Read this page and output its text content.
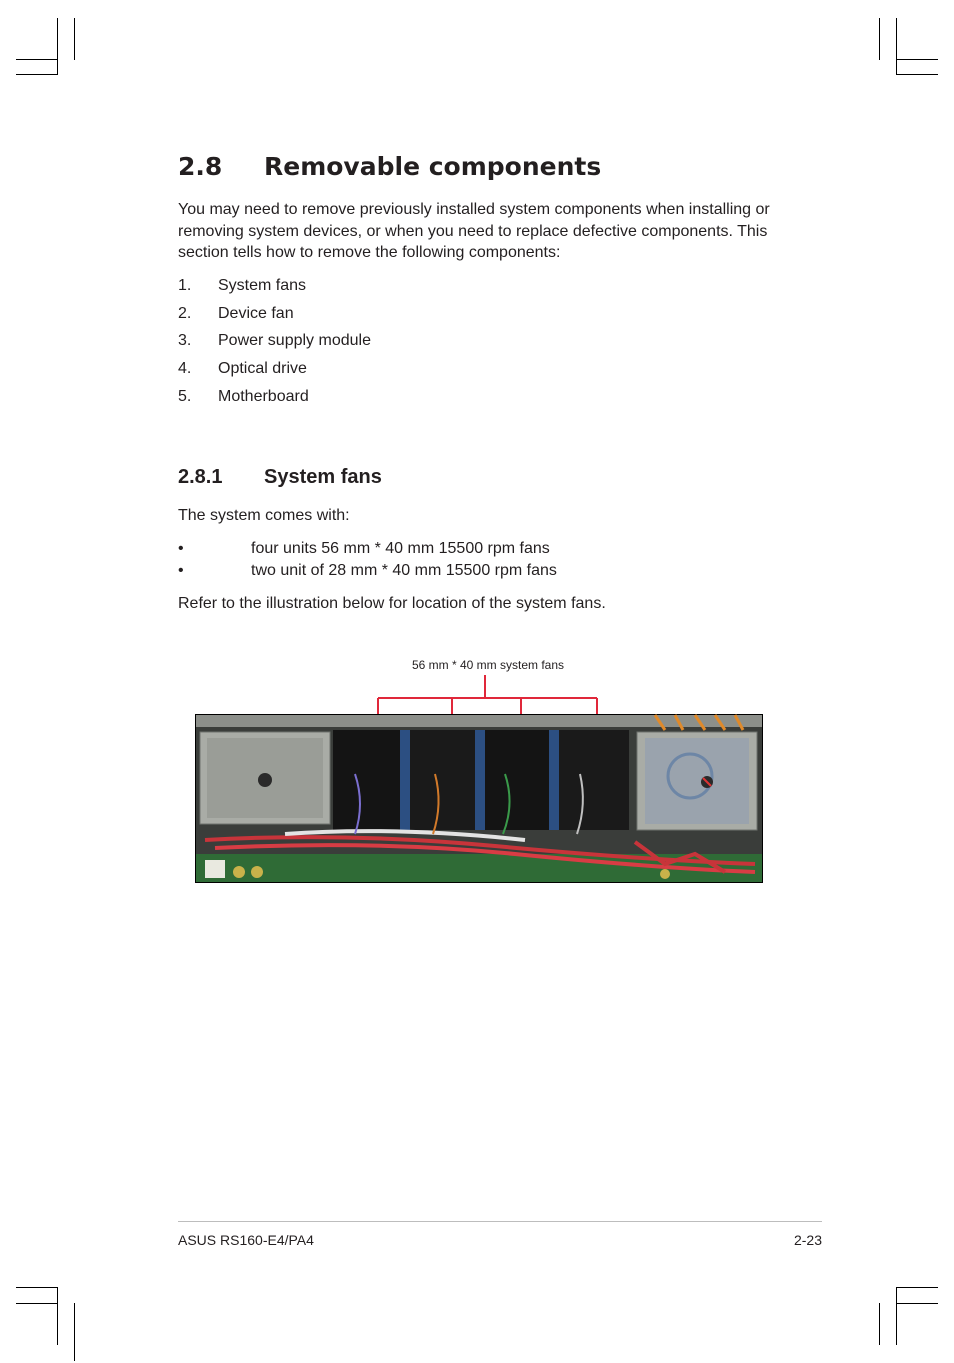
2.8 Removable components

You may need to remove previously installed system components when installing or removing system devices, or when you need to replace defective components. This section tells how to remove the following components:

1. System fans
2. Device fan
3. Power supply module
4. Optical drive
5. Motherboard
2.8.1 System fans

The system comes with:

•	four units 56 mm * 40 mm 15500 rpm fans
•	two unit of 28 mm * 40 mm 15500 rpm fans

Refer to the illustration below for location of the system fans.

56 mm * 40 mm system fans
ASUS RS160-E4/PA4	2-23
